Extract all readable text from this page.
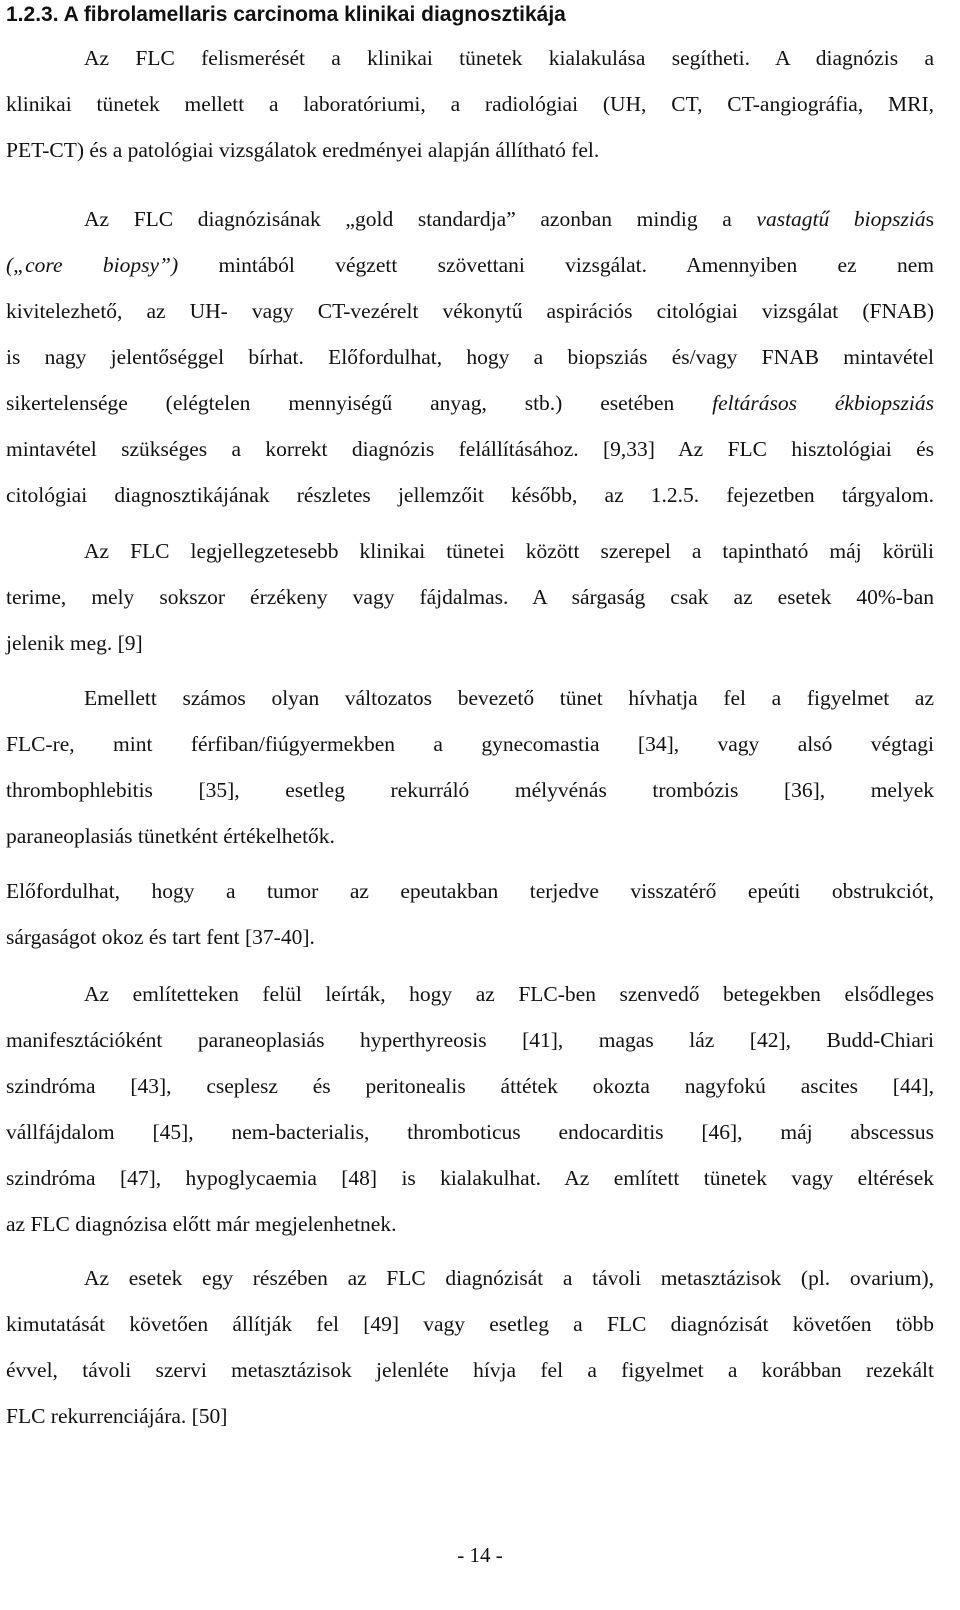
1.2.3. A fibrolamellaris carcinoma klinikai diagnosztikája
Az FLC felismerését a klinikai tünetek kialakulása segítheti. A diagnózis a
klinikai tünetek mellett a laboratóriumi, a radiológiai (UH, CT, CT-angiográfia, MRI,
PET-CT) és a patológiai vizsgálatok eredményei alapján állítható fel.
Az FLC diagnózisának „gold standardja” azonban mindig a vastagtű biopsziás
(„core biopsy”) mintából végzett szövettani vizsgálat. Amennyiben ez nem
kivitelezhető, az UH- vagy CT-vezérelt vékonytű aspirációs citológiai vizsgálat (FNAB)
is nagy jelentőséggel bírhat. Előfordulhat, hogy a biopsziás és/vagy FNAB mintavétel
sikertelensége (elégtelen mennyiségű anyag, stb.) esetében feltárásos ékbiopsziás
mintavétel szükséges a korrekt diagnózis felállításához. [9,33] Az FLC hisztológiai és
citológiai diagnosztikájának részletes jellemzőit később, az 1.2.5. fejezetben tárgyalom.
Az FLC legjellegzetesebb klinikai tünetei között szerepel a tapintható máj körüli
terime, mely sokszor érzékeny vagy fájdalmas. A sárgaság csak az esetek 40%-ban
jelenik meg. [9]
Emellett számos olyan változatos bevezető tünet hívhatja fel a figyelmet az
FLC-re, mint férfiban/fiúgyermekben a gynecomastia [34], vagy alsó végtagi
thrombophlebitis [35], esetleg rekurráló mélyvénás trombózis [36], melyek
paraneoplasiás tünetként értékelhetők.
Előfordulhat, hogy a tumor az epeutakban terjedve visszatérő epeúti obstrukciót,
sárgaságot okoz és tart fent [37-40].
Az említetteken felül leírták, hogy az FLC-ben szenvedő betegekben elsődleges
manifesztációként paraneoplasiás hyperthyreosis [41], magas láz [42], Budd-Chiari
szindróma [43], cseplesz és peritonealis áttétek okozta nagyfokú ascites [44],
vállfájdalom [45], nem-bacterialis, thromboticus endocarditis [46], máj abscessus
szindróma [47], hypoglycaemia [48] is kialakulhat. Az említett tünetek vagy eltérések
az FLC diagnózisa előtt már megjelenhetnek.
Az esetek egy részében az FLC diagnózisát a távoli metasztázisok (pl. ovarium),
kimutatását követően állítják fel [49] vagy esetleg a FLC diagnózisát követően több
évvel, távoli szervi metasztázisok jelenléte hívja fel a figyelmet a korábban rezekált
FLC rekurrenciájára. [50]
- 14 -
